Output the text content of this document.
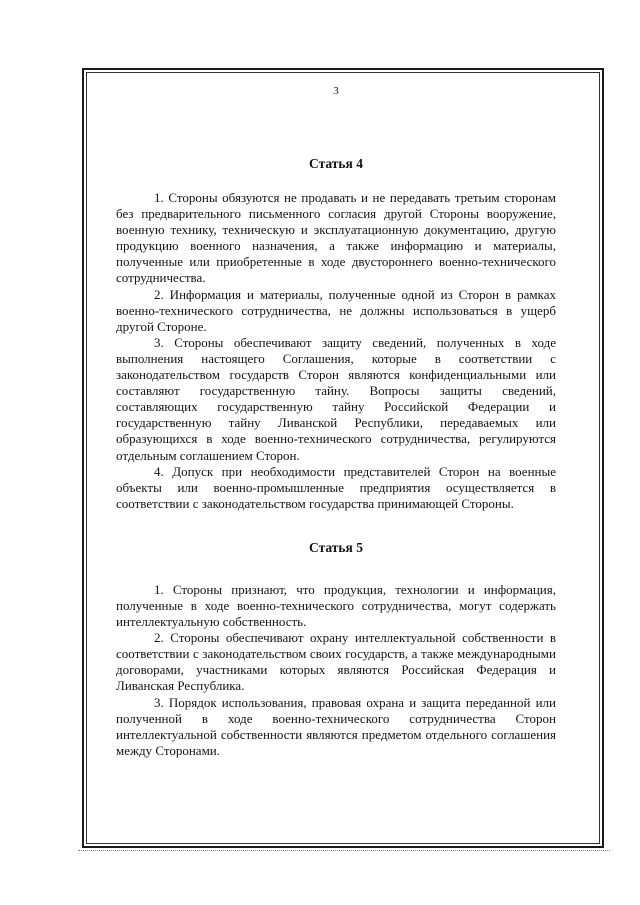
3
Статья 4

1. Стороны обязуются не продавать и не передавать третьим сторонам без предварительного письменного согласия другой Стороны вооружение, военную технику, техническую и эксплуатационную документацию, другую продукцию военного назначения, а также информацию и материалы, полученные или приобретенные в ходе двустороннего военно-технического сотрудничества.

2. Информация и материалы, полученные одной из Сторон в рамках военно-технического сотрудничества, не должны использоваться в ущерб другой Стороне.

3. Стороны обеспечивают защиту сведений, полученных в ходе выполнения настоящего Соглашения, которые в соответствии с законодательством государств Сторон являются конфиденциальными или составляют государственную тайну. Вопросы защиты сведений, составляющих государственную тайну Российской Федерации и государственную тайну Ливанской Республики, передаваемых или образующихся в ходе военно-технического сотрудничества, регулируются отдельным соглашением Сторон.

4. Допуск при необходимости представителей Сторон на военные объекты или военно-промышленные предприятия осуществляется в соответствии с законодательством государства принимающей Стороны.

Статья 5

1. Стороны признают, что продукция, технологии и информация, полученные в ходе военно-технического сотрудничества, могут содержать интеллектуальную собственность.

2. Стороны обеспечивают охрану интеллектуальной собственности в соответствии с законодательством своих государств, а также международными договорами, участниками которых являются Российская Федерация и Ливанская Республика.

3. Порядок использования, правовая охрана и защита переданной или полученной в ходе военно-технического сотрудничества Сторон интеллектуальной собственности являются предметом отдельного соглашения между Сторонами.
